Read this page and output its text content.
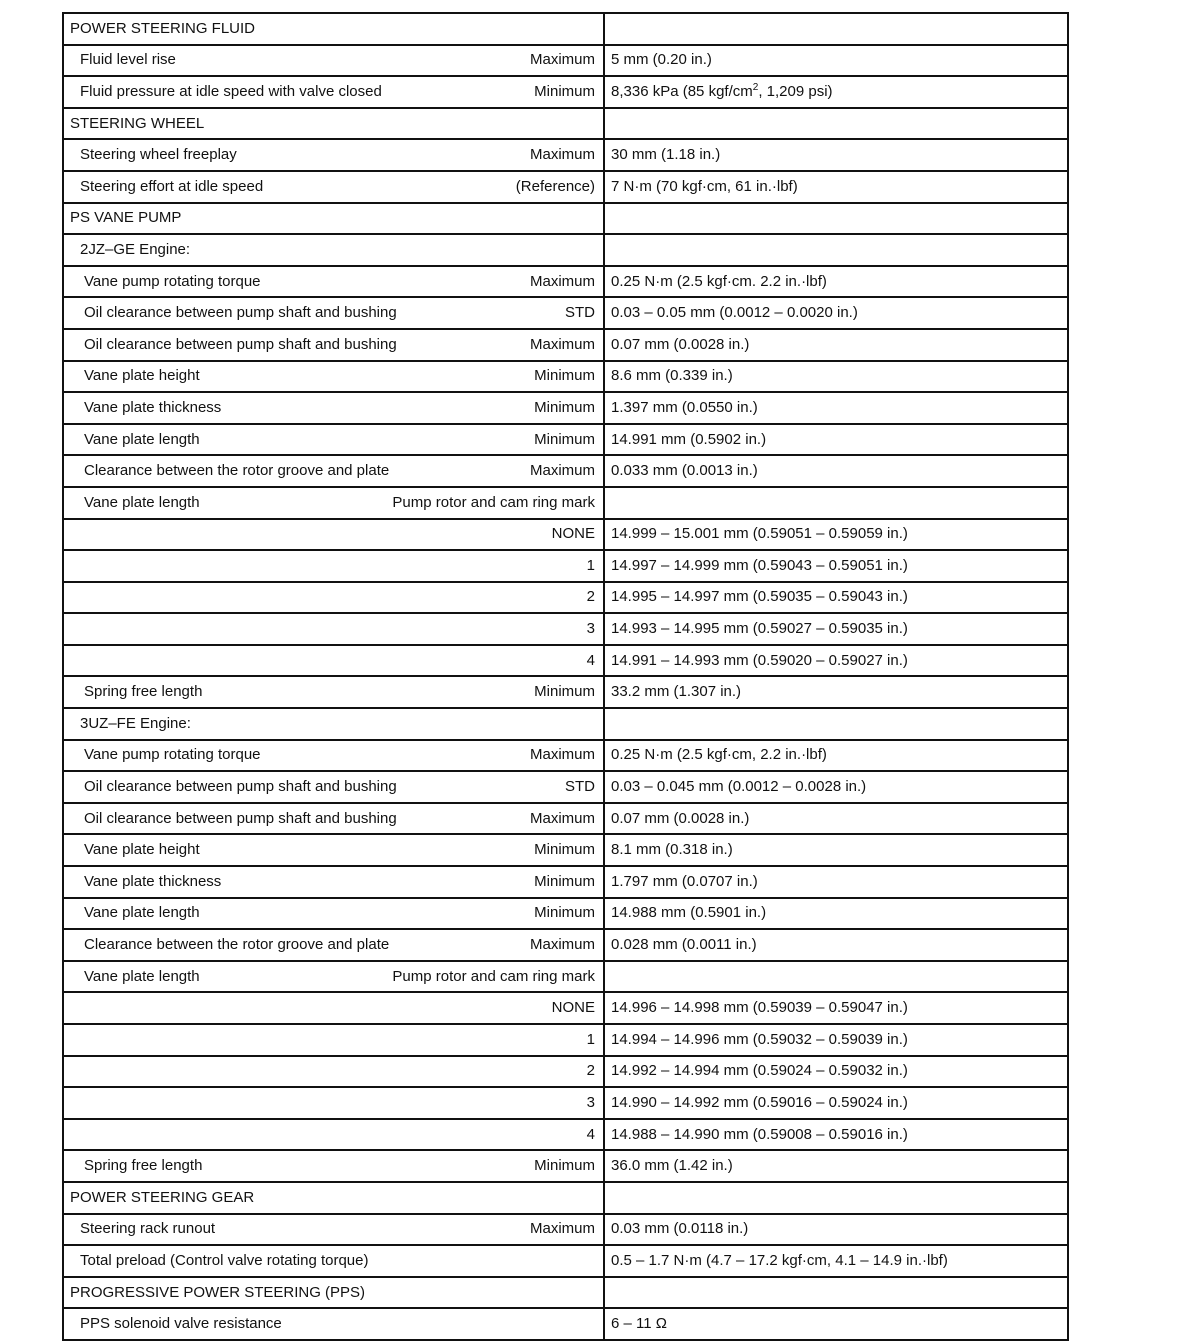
POWER STEERING FLUID	

Fluid level rise Maximum	5 mm (0.20 in.)

Fluid pressure at idle speed with valve closed Minimum	8,336 kPa (85 kgf/$cm^2$, 1,209 psi)

STEERING WHEEL	

Steering wheel freeplay Maximum	30 mm (1.18 in.)

Steering effort at idle speed (Reference)	7 N·m (70 kgf·cm, 61 in.·lbf)

PS VANE PUMP	

2JZ–GE Engine:	

Vane pump rotating torque Maximum	0.25 N·m (2.5 kgf·cm. 2.2 in.·lbf)

Oil clearance between pump shaft and bushing STD	0.03 – 0.05 mm (0.0012 – 0.0020 in.)

Oil clearance between pump shaft and bushing Maximum	0.07 mm (0.0028 in.)

Vane plate height Minimum	8.6 mm (0.339 in.)

Vane plate thickness Minimum	1.397 mm (0.0550 in.)

Vane plate length Minimum	14.991 mm (0.5902 in.)

Clearance between the rotor groove and plate Maximum	0.033 mm (0.0013 in.)

Vane plate length Pump rotor and cam ring mark	

NONE	14.999 – 15.001 mm (0.59051 – 0.59059 in.)

1	14.997 – 14.999 mm (0.59043 – 0.59051 in.)

2	14.995 – 14.997 mm (0.59035 – 0.59043 in.)

3	14.993 – 14.995 mm (0.59027 – 0.59035 in.)

4	14.991 – 14.993 mm (0.59020 – 0.59027 in.)

Spring free length Minimum	33.2 mm (1.307 in.)

3UZ–FE Engine:	

Vane pump rotating torque Maximum	0.25 N·m (2.5 kgf·cm, 2.2 in.·lbf)

Oil clearance between pump shaft and bushing STD	0.03 – 0.045 mm (0.0012 – 0.0028 in.)

Oil clearance between pump shaft and bushing Maximum	0.07 mm (0.0028 in.)

Vane plate height Minimum	8.1 mm (0.318 in.)

Vane plate thickness Minimum	1.797 mm (0.0707 in.)

Vane plate length Minimum	14.988 mm (0.5901 in.)

Clearance between the rotor groove and plate Maximum	0.028 mm (0.0011 in.)

Vane plate length Pump rotor and cam ring mark	

NONE	14.996 – 14.998 mm (0.59039 – 0.59047 in.)

1	14.994 – 14.996 mm (0.59032 – 0.59039 in.)

2	14.992 – 14.994 mm (0.59024 – 0.59032 in.)

3	14.990 – 14.992 mm (0.59016 – 0.59024 in.)

4	14.988 – 14.990 mm (0.59008 – 0.59016 in.)

Spring free length Minimum	36.0 mm (1.42 in.)

POWER STEERING GEAR	

Steering rack runout Maximum	0.03 mm (0.0118 in.)

Total preload (Control valve rotating torque)	0.5 – 1.7 N·m (4.7 – 17.2 kgf·cm, 4.1 – 14.9 in.·lbf)

PROGRESSIVE POWER STEERING (PPS)	

PPS solenoid valve resistance	6 – 11 Ω
